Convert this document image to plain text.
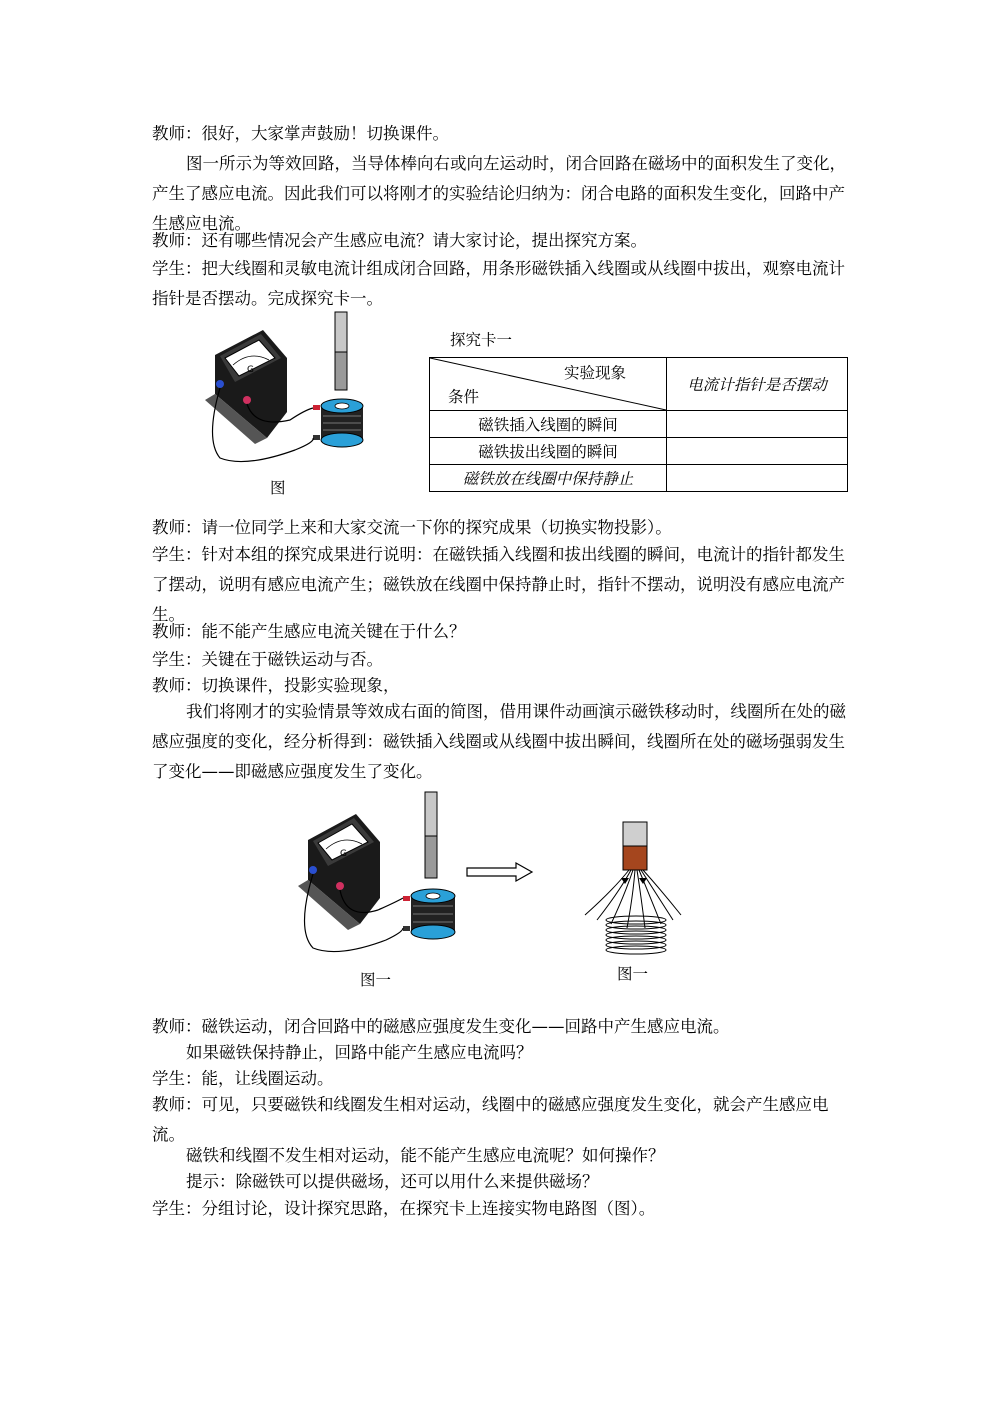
教师：很好，大家掌声鼓励！切换课件。

图一所示为等效回路，当导体棒向右或向左运动时，闭合回路在磁场中的面积发生了变化，产生了感应电流。因此我们可以将刚才的实验结论归纳为：闭合电路的面积发生变化，回路中产生感应电流。

教师：还有哪些情况会产生感应电流？请大家讨论，提出探究方案。

学生：把大线圈和灵敏电流计组成闭合回路，用条形磁铁插入线圈或从线圈中拔出，观察电流计指针是否摆动。完成探究卡一。

G
图
探究卡一
实验现象
条件	电流计指针是否摆动
磁铁插入线圈的瞬间	
磁铁拔出线圈的瞬间	
磁铁放在线圈中保持静止	

教师：请一位同学上来和大家交流一下你的探究成果（切换实物投影）。

学生：针对本组的探究成果进行说明：在磁铁插入线圈和拔出线圈的瞬间，电流计的指针都发生了摆动，说明有感应电流产生；磁铁放在线圈中保持静止时，指针不摆动，说明没有感应电流产生。

教师：能不能产生感应电流关键在于什么？

学生：关键在于磁铁运动与否。

教师：切换课件，投影实验现象，

我们将刚才的实验情景等效成右面的简图，借用课件动画演示磁铁移动时，线圈所在处的磁感应强度的变化，经分析得到：磁铁插入线圈或从线圈中拔出瞬间，线圈所在处的磁场强弱发生了变化——即磁感应强度发生了变化。

G
图一	图一

教师：磁铁运动，闭合回路中的磁感应强度发生变化——回路中产生感应电流。

如果磁铁保持静止，回路中能产生感应电流吗？

学生：能，让线圈运动。

教师：可见，只要磁铁和线圈发生相对运动，线圈中的磁感应强度发生变化，就会产生感应电流。

磁铁和线圈不发生相对运动，能不能产生感应电流呢？如何操作？

提示：除磁铁可以提供磁场，还可以用什么来提供磁场？

学生：分组讨论，设计探究思路，在探究卡上连接实物电路图（图）。
